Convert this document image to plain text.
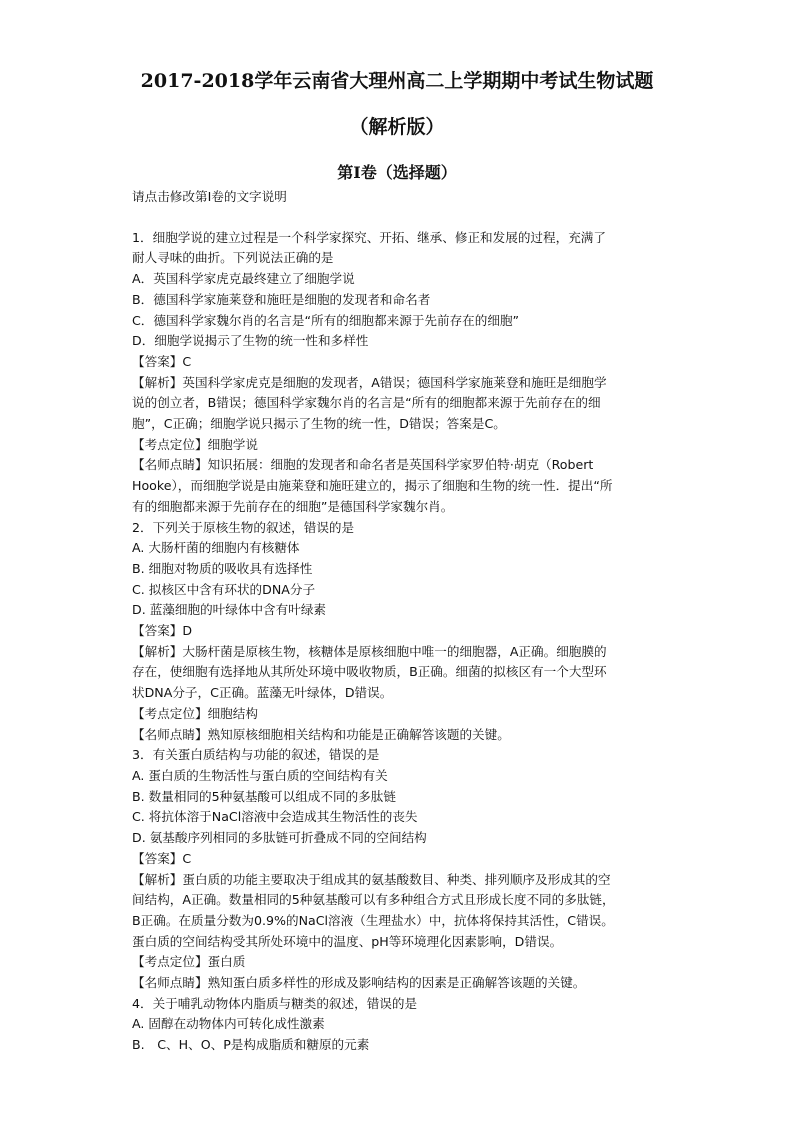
2017-2018学年云南省大理州高二上学期期中考试生物试题
（解析版）
第I卷（选择题）

请点击修改第I卷的文字说明

1．细胞学说的建立过程是一个科学家探究、开拓、继承、修正和发展的过程，充满了

耐人寻味的曲折。下列说法正确的是

A．英国科学家虎克最终建立了细胞学说

B．德国科学家施莱登和施旺是细胞的发现者和命名者

C．德国科学家魏尔肖的名言是“所有的细胞都来源于先前存在的细胞”

D．细胞学说揭示了生物的统一性和多样性

【答案】C

【解析】英国科学家虎克是细胞的发现者，A错误；德国科学家施莱登和施旺是细胞学

说的创立者，B错误；德国科学家魏尔肖的名言是“所有的细胞都来源于先前存在的细

胞”，C正确；细胞学说只揭示了生物的统一性，D错误；答案是C。

【考点定位】细胞学说

【名师点睛】知识拓展：细胞的发现者和命名者是英国科学家罗伯特·胡克（Robert

Hooke），而细胞学说是由施莱登和施旺建立的，揭示了细胞和生物的统一性．提出“所

有的细胞都来源于先前存在的细胞”是德国科学家魏尔肖。

2．下列关于原核生物的叙述，错误的是

A. 大肠杆菌的细胞内有核糖体

B. 细胞对物质的吸收具有选择性

C. 拟核区中含有环状的DNA分子

D. 蓝藻细胞的叶绿体中含有叶绿素

【答案】D

【解析】大肠杆菌是原核生物，核糖体是原核细胞中唯一的细胞器，A正确。细胞膜的

存在，使细胞有选择地从其所处环境中吸收物质，B正确。细菌的拟核区有一个大型环

状DNA分子，C正确。蓝藻无叶绿体，D错误。

【考点定位】细胞结构

【名师点睛】熟知原核细胞相关结构和功能是正确解答该题的关键。

3．有关蛋白质结构与功能的叙述，错误的是

A. 蛋白质的生物活性与蛋白质的空间结构有关

B. 数量相同的5种氨基酸可以组成不同的多肽链

C. 将抗体溶于NaCl溶液中会造成其生物活性的丧失

D. 氨基酸序列相同的多肽链可折叠成不同的空间结构

【答案】C

【解析】蛋白质的功能主要取决于组成其的氨基酸数目、种类、排列顺序及形成其的空

间结构，A正确。数量相同的5种氨基酸可以有多种组合方式且形成长度不同的多肽链，

B正确。在质量分数为0.9%的NaCl溶液（生理盐水）中，抗体将保持其活性，C错误。

蛋白质的空间结构受其所处环境中的温度、pH等环境理化因素影响，D错误。

【考点定位】蛋白质

【名师点睛】熟知蛋白质多样性的形成及影响结构的因素是正确解答该题的关键。

4．关于哺乳动物体内脂质与糖类的叙述，错误的是

A. 固醇在动物体内可转化成性激素

B.　C、H、O、P是构成脂质和糖原的元素
